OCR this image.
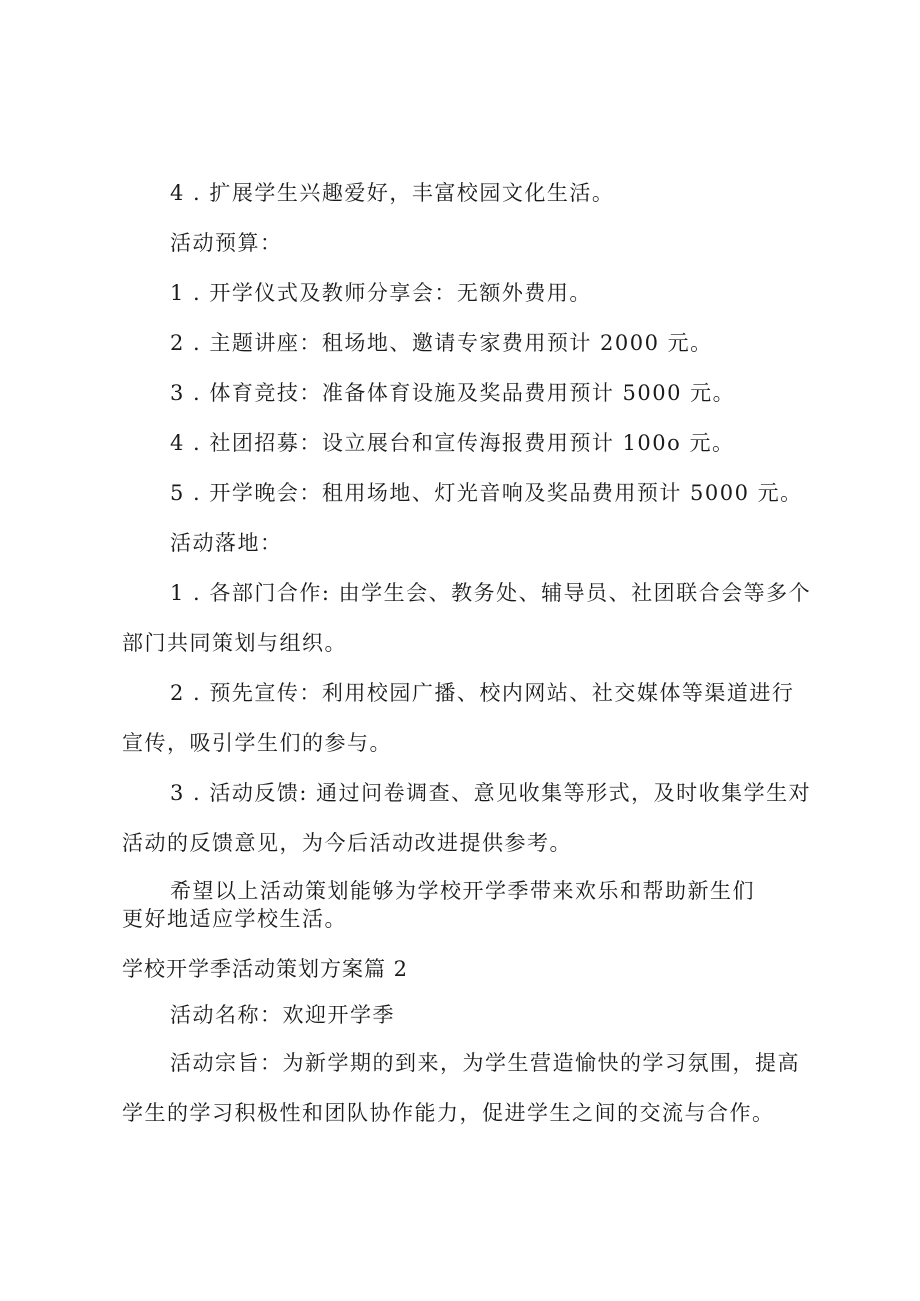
4 . 扩展学生兴趣爱好，丰富校园文化生活。
活动预算：
1 . 开学仪式及教师分享会：无额外费用。
2 . 主题讲座：租场地、邀请专家费用预计 2000 元。
3 . 体育竞技：准备体育设施及奖品费用预计 5000 元。
4 . 社团招募：设立展台和宣传海报费用预计 100o 元。
5 . 开学晚会：租用场地、灯光音响及奖品费用预计 5000 元。
活动落地：
1 . 各部门合作: 由学生会、教务处、辅导员、社团联合会等多个
部门共同策划与组织。
2 . 预先宣传：利用校园广播、校内网站、社交媒体等渠道进行
宣传，吸引学生们的参与。
3 . 活动反馈: 通过问卷调查、意见收集等形式，及时收集学生对
活动的反馈意见，为今后活动改进提供参考。
希望以上活动策划能够为学校开学季带来欢乐和帮助新生们
更好地适应学校生活。
学校开学季活动策划方案篇 2
活动名称：欢迎开学季
活动宗旨：为新学期的到来，为学生营造愉快的学习氛围，提高
学生的学习积极性和团队协作能力，促进学生之间的交流与合作。
